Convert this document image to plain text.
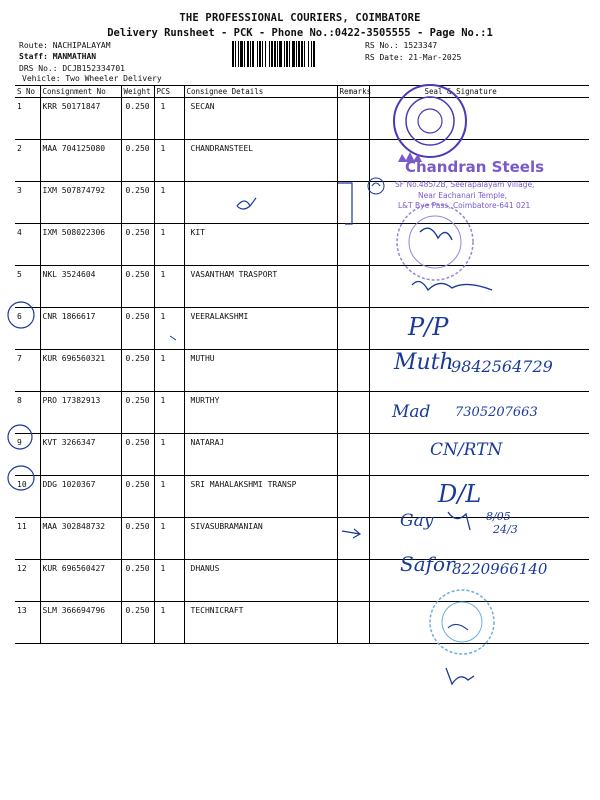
THE PROFESSIONAL COURIERS, COIMBATORE
Delivery Runsheet - PCK - Phone No.:0422-3505555 - Page No.:1
Route: NACHIPALAYAM
Staff: MANMATHAN
DRS No.: DCJB152334701
Vehicle: Two Wheeler Delivery
RS No.: 1523347
RS Date: 21-Mar-2025
S No	Consignment No	Weight	PCS	Consignee Details	Remarks	Seal & Signature
1	KRR 50171847	0.250	1	SECAN		
2	MAA 704125080	0.250	1	CHANDRANSTEEL		
3	IXM 507874792	0.250	1			
4	IXM 508022306	0.250	1	KIT		
5	NKL 3524604	0.250	1	VASANTHAM TRASPORT		
6	CNR 1866617	0.250	1	VEERALAKSHMI		
7	KUR 696560321	0.250	1	MUTHU		
8	PRO 17382913	0.250	1	MURTHY		
9	KVT 3266347	0.250	1	NATARAJ		
10	DDG 1020367	0.250	1	SRI MAHALAKSHMI TRANSP		
11	MAA 302848732	0.250	1	SIVASUBRAMANIAN		
12	KUR 696560427	0.250	1	DHANUS		
13	SLM 366694796	0.250	1	TECHNICRAFT		
Chandran Steels
SF No.485/2B, Seerapalayam Village,
Near Eachanari Temple,
L&T Bye Pass, Coimbatore-641 021
P/P
9842564729
Muth
Mad 7305207663
CN/RTN
D/L
Gay	8/05
24/3
Safor
8220966140
